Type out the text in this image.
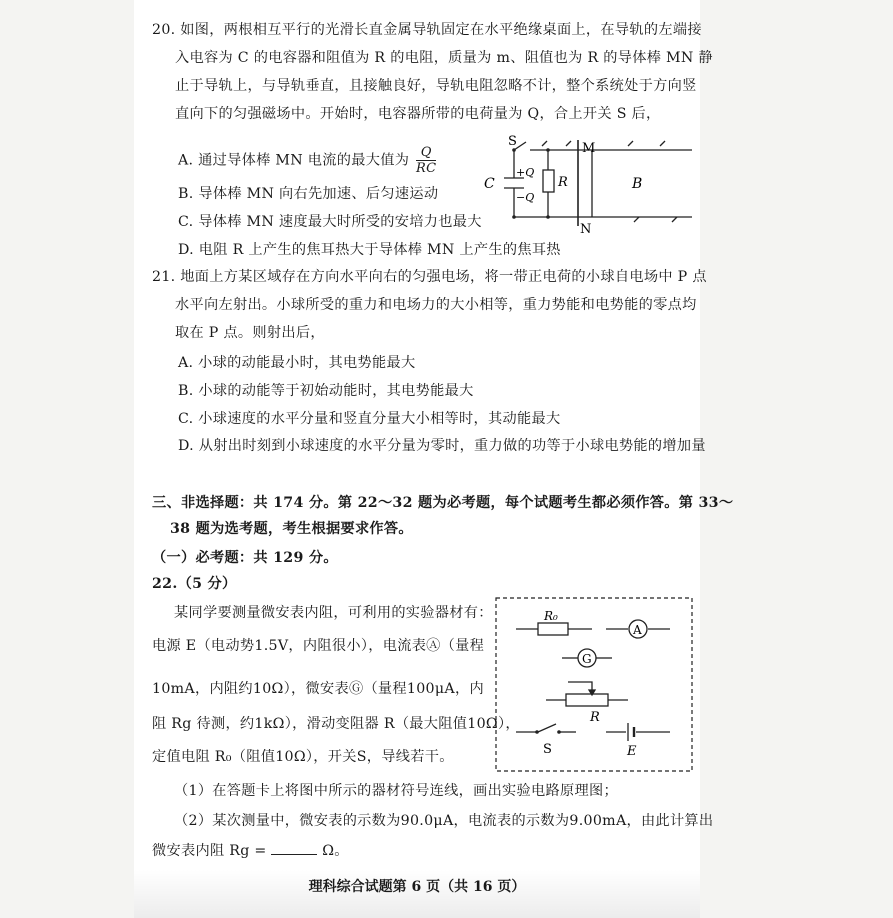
20. 如图，两根相互平行的光滑长直金属导轨固定在水平绝缘桌面上，在导轨的左端接
入电容为 C 的电容器和阻值为 R 的电阻，质量为 m、阻值也为 R 的导体棒 MN 静
止于导轨上，与导轨垂直，且接触良好，导轨电阻忽略不计，整个系统处于方向竖
直向下的匀强磁场中。开始时，电容器所带的电荷量为 Q，合上开关 S 后，
A. 通过导体棒 MN 电流的最大值为 $\frac{Q}{RC}$
B. 导体棒 MN 向右先加速、后匀速运动
C. 导体棒 MN 速度最大时所受的安培力也最大
D. 电阻 R 上产生的焦耳热大于导体棒 MN 上产生的焦耳热
S	M
N
C	R	B
+Q
−Q
21. 地面上方某区域存在方向水平向右的匀强电场，将一带正电荷的小球自电场中 P 点
水平向左射出。小球所受的重力和电场力的大小相等，重力势能和电势能的零点均
取在 P 点。则射出后，
A. 小球的动能最小时，其电势能最大
B. 小球的动能等于初始动能时，其电势能最大
C. 小球速度的水平分量和竖直分量大小相等时，其动能最大
D. 从射出时刻到小球速度的水平分量为零时，重力做的功等于小球电势能的增加量
三、非选择题：共 174 分。第 22～32 题为必考题，每个试题考生都必须作答。第 33～
38 题为选考题，考生根据要求作答。
（一）必考题：共 129 分。
22.（5 分）
某同学要测量微安表内阻，可利用的实验器材有：
电源 E（电动势1.5V，内阻很小），电流表Ⓐ（量程
10mA，内阻约10Ω），微安表Ⓖ（量程100μA，内
阻 Rg 待测，约1kΩ），滑动变阻器 R（最大阻值10Ω），
定值电阻 R₀（阻值10Ω），开关S，导线若干。
R₀
A
G
R
S	E
（1）在答题卡上将图中所示的器材符号连线，画出实验电路原理图；
（2）某次测量中，微安表的示数为90.0μA，电流表的示数为9.00mA，由此计算出
微安表内阻 Rg =	Ω。
理科综合试题第 6 页（共 16 页）
